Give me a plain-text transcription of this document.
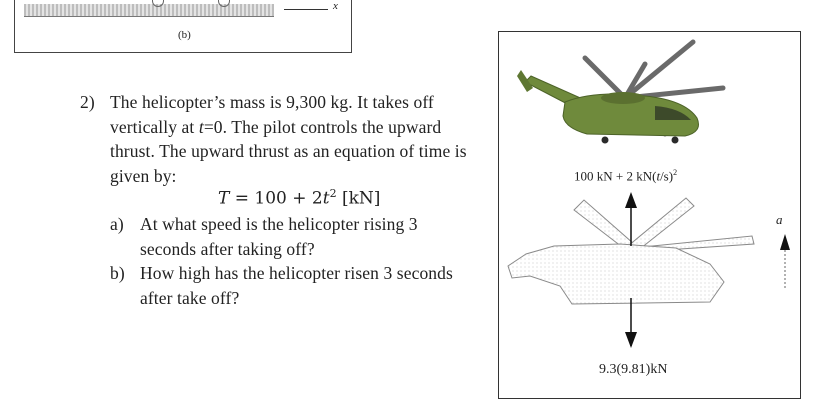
x
(b)
2) The helicopter’s mass is 9,300 kg. It takes off
vertically at t=0. The pilot controls the upward
thrust. The upward thrust as an equation of time is
given by:
$T = 100 + 2t^2$ [kN]
a) At what speed is the helicopter rising 3
seconds after taking off?
b) How high has the helicopter risen 3 seconds
after take off?
100 kN + 2 $kN(t/s)^2$
a
9.3(9.81)kN
